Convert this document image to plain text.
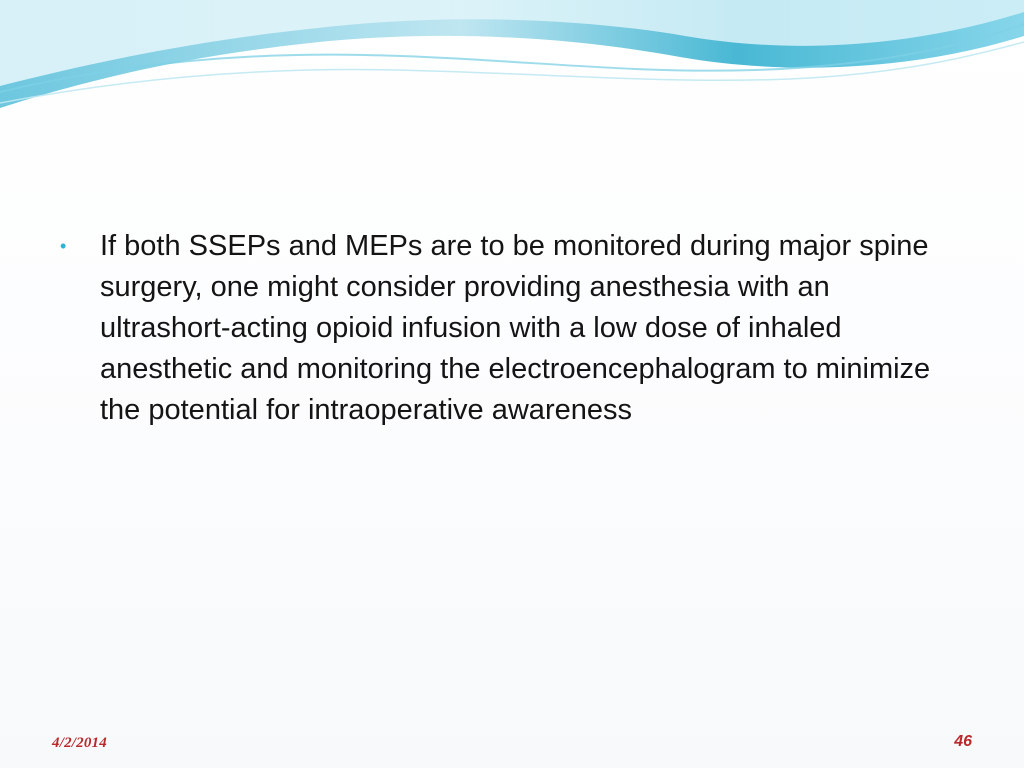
•	If both SSEPs and MEPs are to be monitored during major spine surgery, one might consider providing anesthesia with an ultrashort-acting opioid infusion with a low dose of inhaled anesthetic and monitoring the electroencephalogram to minimize the potential for intraoperative awareness
4/2/2014	46
